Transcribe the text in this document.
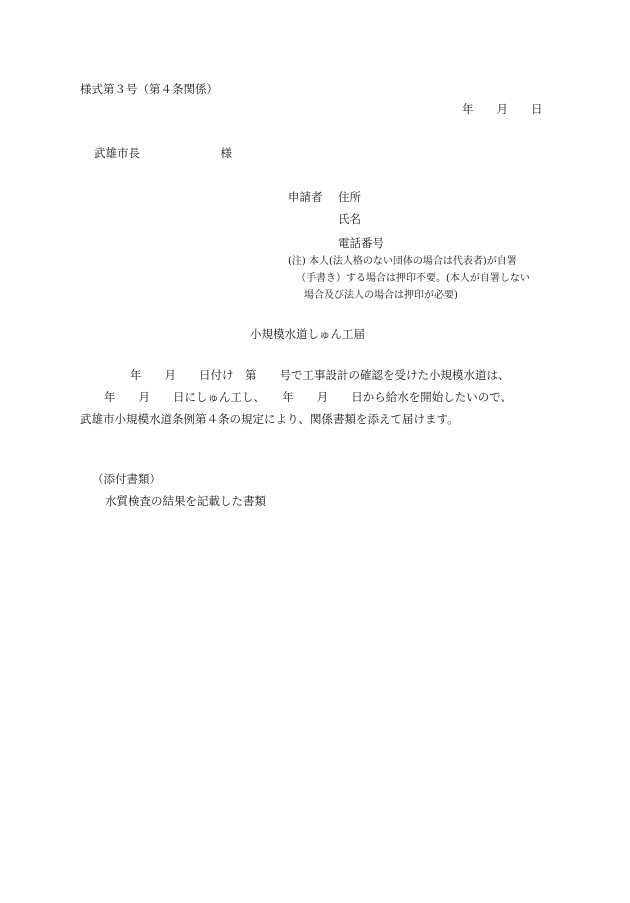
様式第３号（第４条関係）
年　　月　　日
武雄市長　　　　　　　様
申請者 住所
氏名
電話番号
(注) 本人(法人格のない団体の場合は代表者)が自署
（手書き）する場合は押印不要。(本人が自署しない
場合及び法人の場合は押印が必要)
小規模水道しゅん工届
年　　月　　日付け　第　　号で工事設計の確認を受けた小規模水道は、
年　　月　　日にしゅん工し、　　年　　月　　日から給水を開始したいので、
武雄市小規模水道条例第４条の規定により、関係書類を添えて届けます。
（添付書類）
水質検査の結果を記載した書類
